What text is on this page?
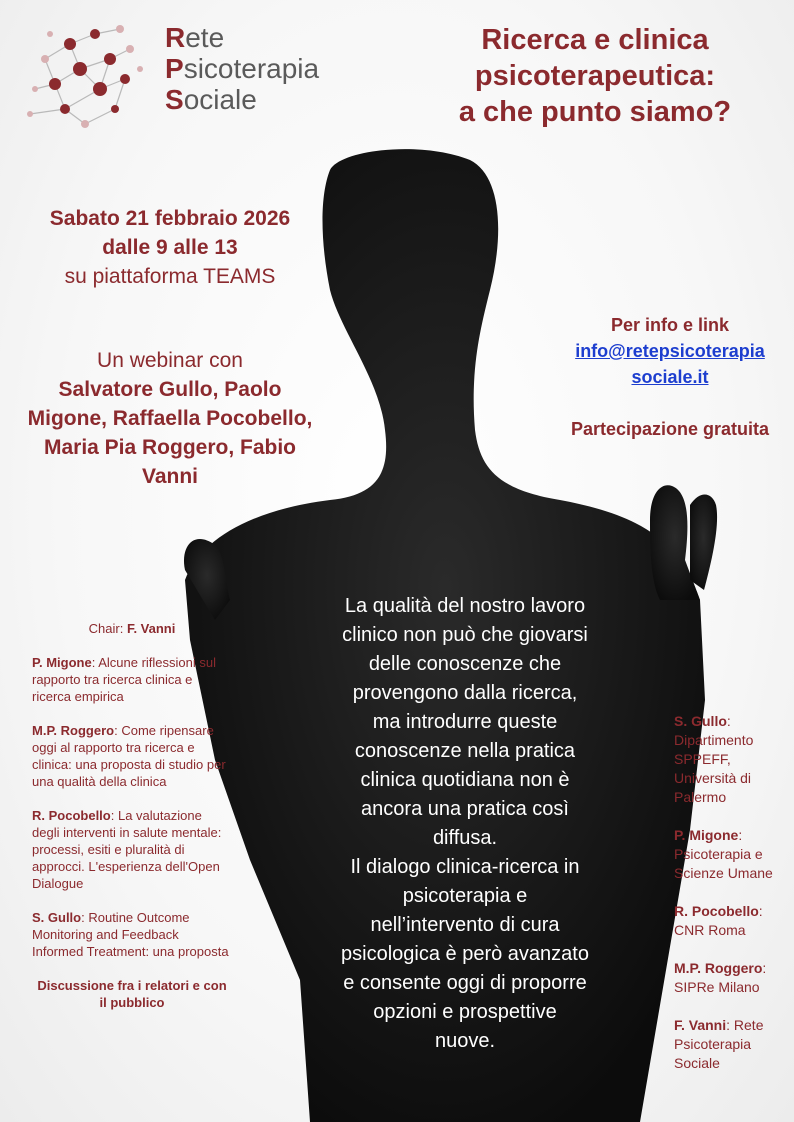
Rete
Psicoterapia
Sociale
Ricerca e clinica
psicoterapeutica:
a che punto siamo?
Sabato 21 febbraio 2026
dalle 9 alle 13
su piattaforma TEAMS
Un webinar con
Salvatore Gullo, Paolo Migone, Raffaella Pocobello, Maria Pia Roggero, Fabio Vanni
Per info e link
info@retepsicoterapia
sociale.it
Partecipazione gratuita
La qualità del nostro lavoro
clinico non può che giovarsi
delle conoscenze che
provengono dalla ricerca,
ma introdurre queste
conoscenze nella pratica
clinica quotidiana non è
ancora una pratica così
diffusa.
Il dialogo clinica-ricerca in
psicoterapia e
nell’intervento di cura
psicologica è però avanzato
e consente oggi di proporre
opzioni e prospettive
nuove.
Chair: F. Vanni
P. Migone: Alcune riflessioni sul rapporto tra ricerca clinica e ricerca empirica
M.P. Roggero: Come ripensare oggi al rapporto tra ricerca e clinica: una proposta di studio per una qualità della clinica
R. Pocobello: La valutazione degli interventi in salute mentale: processi, esiti e pluralità di approcci. L'esperienza dell'Open Dialogue
S. Gullo: Routine Outcome Monitoring and Feedback Informed Treatment: una proposta
Discussione fra i relatori e con il pubblico
S. Gullo: Dipartimento SPPEFF, Università di Palermo
P. Migone: Psicoterapia e Scienze Umane
R. Pocobello: CNR Roma
M.P. Roggero: SIPRe Milano
F. Vanni: Rete Psicoterapia Sociale
